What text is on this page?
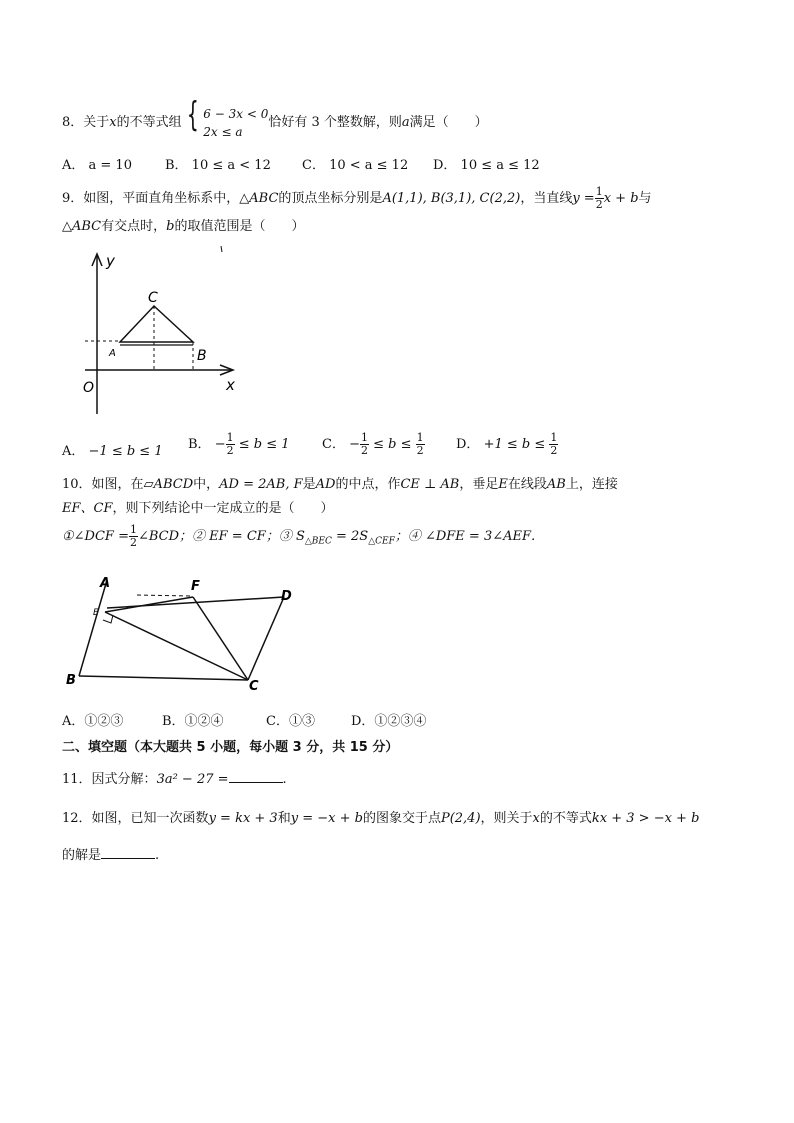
8．关于x的不等式组 { 6 − 3x < 0
2x ≤ a
恰好有 3 个整数解，则a满足（　　）
A． a = 10	B． 10 ≤ a < 12 C． 10 < a ≤ 12 D． 10 ≤ a ≤ 12
9．如图，平面直角坐标系中，△ABC的顶点坐标分别是A(1,1), B(3,1), C(2,2)，当直线$y = \frac{1}{2}$ x + b与
△ABC有交点时，b的取值范围是（　　）
y
x
O
C
B
A
A． −1 ≤ b ≤ 1 B． − $\frac{1}{2} \le b \le 1$ C． − $\frac{1}{2} \le b \le \frac{1}{2}$ D． $+1 \le b \le \frac{1}{2}$
10．如图，在▱ABCD中，AD = 2AB, F是AD的中点，作CE ⊥ AB，垂足E在线段AB上，连接
EF、CF，则下列结论中一定成立的是（　　）
①∠DCF = $\frac{1}{2}$ ∠BCD；② EF = CF；③ $S_{\triangle BEC} = 2S_{\triangle CEF}$；④ ∠DFE = 3∠AEF．
A
E
F
D
B	C
A．①②③	B．①②④	C．①③	D．①②③④
二、填空题（本大题共 5 小题，每小题 3 分，共 15 分）
11．因式分解：3a² − 27 =	.
12．如图，已知一次函数y = kx + 3和y = −x + b的图象交于点P(2,4)，则关于x的不等式kx + 3 > −x + b
的解是	.
